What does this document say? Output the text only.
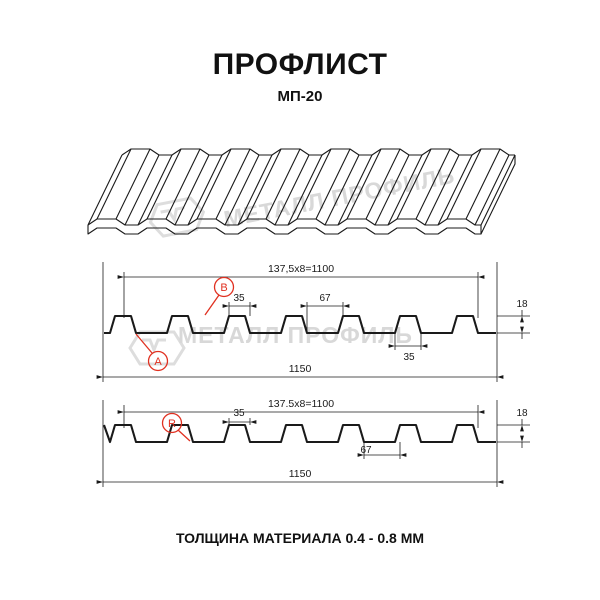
ПРОФЛИСТ
МП-20
МЕТАЛЛ ПРОФИЛЬ
МЕТАЛЛ ПРОФИЛЬ
137,5х8=1100
35	67
35
18
1150
A
B
137.5х8=1100
35
67
18
1150
R
ТОЛЩИНА МАТЕРИАЛА 0.4 - 0.8 ММ
